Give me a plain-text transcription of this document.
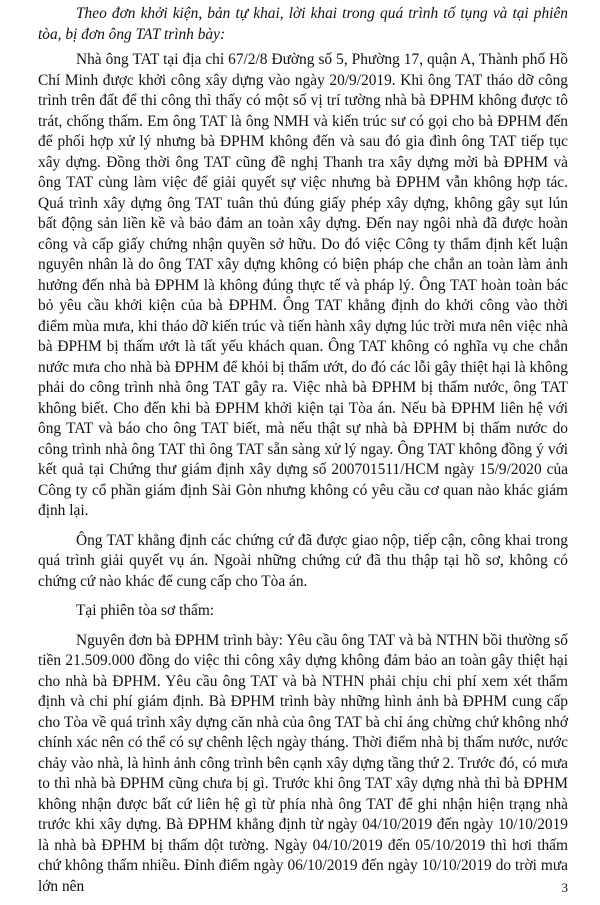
Theo đơn khởi kiện, bản tự khai, lời khai trong quá trình tố tụng và tại phiên tòa, bị đơn ông TAT trình bày:

Nhà ông TAT tại địa chỉ 67/2/8 Đường số 5, Phường 17, quận A, Thành phố Hồ Chí Minh được khởi công xây dựng vào ngày 20/9/2019. Khi ông TAT tháo dỡ công trình trên đất để thi công thì thấy có một số vị trí tường nhà bà ĐPHM không được tô trát, chống thấm. Em ông TAT là ông NMH và kiến trúc sư có gọi cho bà ĐPHM đến để phối hợp xử lý nhưng bà ĐPHM không đến và sau đó gia đình ông TAT tiếp tục xây dựng. Đồng thời ông TAT cũng đề nghị Thanh tra xây dựng mời bà ĐPHM và ông TAT cùng làm việc để giải quyết sự việc nhưng bà ĐPHM vẫn không hợp tác. Quá trình xây dựng ông TAT tuân thủ đúng giấy phép xây dựng, không gây sụt lún bất động sản liền kề và bảo đảm an toàn xây dựng. Đến nay ngôi nhà đã được hoàn công và cấp giấy chứng nhận quyền sở hữu. Do đó việc Công ty thẩm định kết luận nguyên nhân là do ông TAT xây dựng không có biện pháp che chắn an toàn làm ảnh hưởng đến nhà bà ĐPHM là không đúng thực tế và pháp lý. Ông TAT hoàn toàn bác bỏ yêu cầu khởi kiện của bà ĐPHM. Ông TAT khẳng định do khởi công vào thời điểm mùa mưa, khi tháo dỡ kiến trúc và tiến hành xây dựng lúc trời mưa nên việc nhà bà ĐPHM bị thấm ướt là tất yếu khách quan. Ông TAT không có nghĩa vụ che chắn nước mưa cho nhà bà ĐPHM để khỏi bị thấm ướt, do đó các lỗi gây thiệt hại là không phải do công trình nhà ông TAT gây ra. Việc nhà bà ĐPHM bị thấm nước, ông TAT không biết. Cho đến khi bà ĐPHM khởi kiện tại Tòa án. Nếu bà ĐPHM liên hệ với ông TAT và báo cho ông TAT biết, mà nếu thật sự nhà bà ĐPHM bị thấm nước do công trình nhà ông TAT thì ông TAT sẵn sàng xử lý ngay. Ông TAT không đồng ý với kết quả tại Chứng thư giám định xây dựng số 200701511/HCM ngày 15/9/2020 của Công ty cổ phần giám định Sài Gòn nhưng không có yêu cầu cơ quan nào khác giám định lại.

Ông TAT khẳng định các chứng cứ đã được giao nộp, tiếp cận, công khai trong quá trình giải quyết vụ án. Ngoài những chứng cứ đã thu thập tại hồ sơ, không có chứng cứ nào khác để cung cấp cho Tòa án.

Tại phiên tòa sơ thẩm:

Nguyên đơn bà ĐPHM trình bày: Yêu cầu ông TAT và bà NTHN bồi thường số tiền 21.509.000 đồng do việc thi công xây dựng không đảm bảo an toàn gây thiệt hại cho nhà bà ĐPHM. Yêu cầu ông TAT và bà NTHN phải chịu chi phí xem xét thẩm định và chi phí giám định. Bà ĐPHM trình bày những hình ảnh bà ĐPHM cung cấp cho Tòa về quá trình xây dựng căn nhà của ông TAT bà chỉ áng chừng chứ không nhớ chính xác nên có thể có sự chênh lệch ngày tháng. Thời điểm nhà bị thấm nước, nước chảy vào nhà, là hình ảnh công trình bên cạnh xây dựng tầng thứ 2. Trước đó, có mưa to thì nhà bà ĐPHM cũng chưa bị gì. Trước khi ông TAT xây dựng nhà thì bà ĐPHM không nhận được bất cứ liên hệ gì từ phía nhà ông TAT để ghi nhận hiện trạng nhà trước khi xây dựng. Bà ĐPHM khẳng định từ ngày 04/10/2019 đến ngày 10/10/2019 là nhà bà ĐPHM bị thấm dột tường. Ngày 04/10/2019 đến 05/10/2019 thì hơi thấm chứ không thấm nhiều. Đỉnh điểm ngày 06/10/2019 đến ngày 10/10/2019 do trời mưa lớn nên	3
